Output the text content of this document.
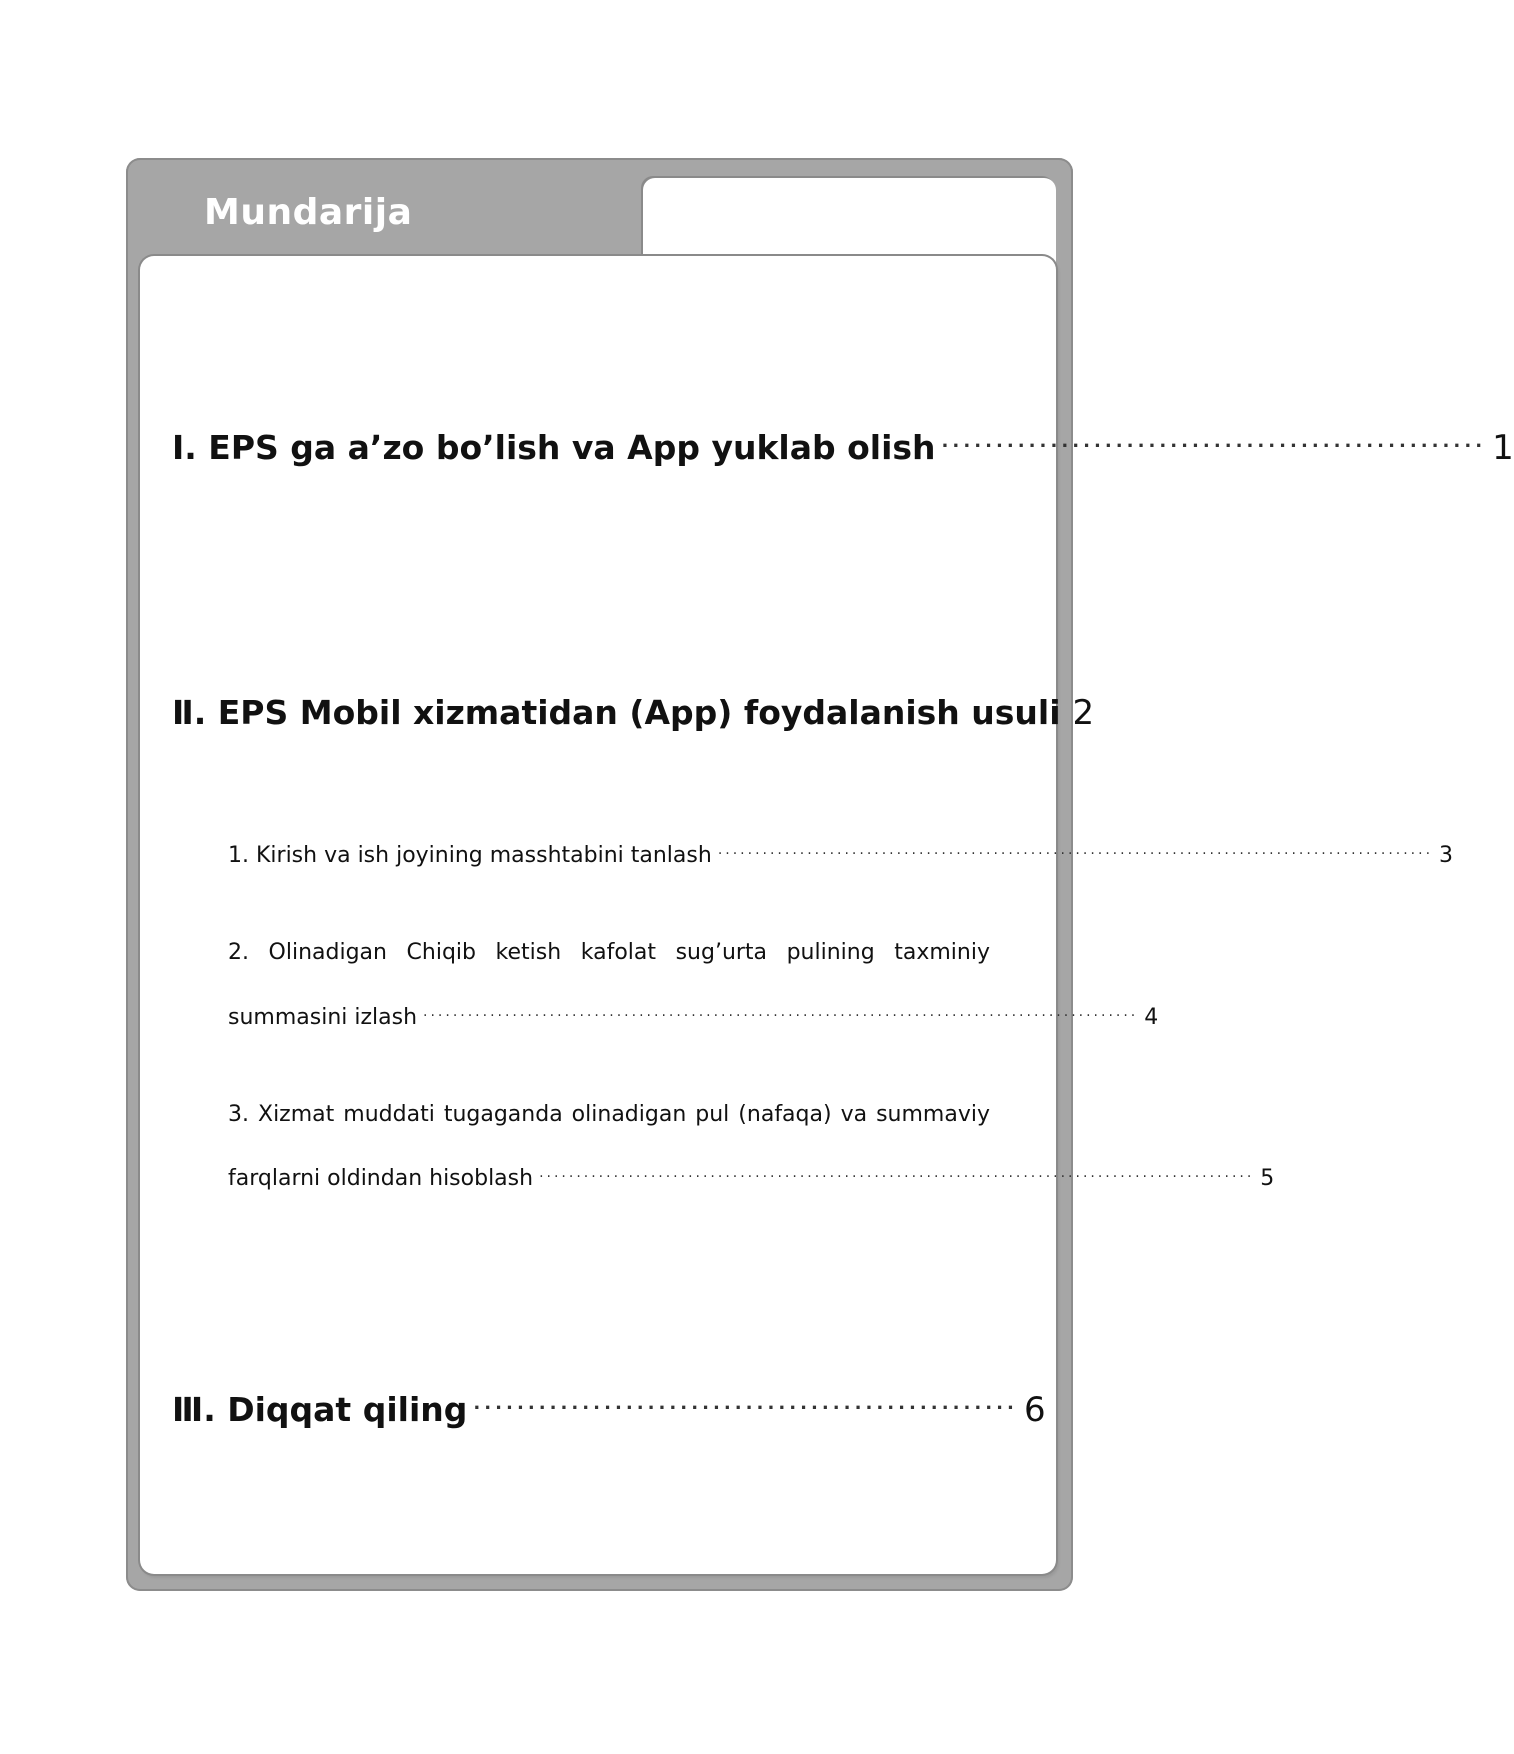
Mundarija
Ⅰ. EPS ga a’zo bo’lish va App yuklab olish ·················································· 1
Ⅱ. EPS Mobil xizmatidan (App) foydalanish usuli 2
1. Kirish va ish joyining masshtabini tanlash ································································································ 3
2. Olinadigan Chiqib ketish kafolat sug’urta pulining taxminiy
summasini izlash ································································································ 4
3. Xizmat muddati tugaganda olinadigan pul (nafaqa) va summaviy
farqlarni oldindan hisoblash ································································································ 5
Ⅲ. Diqqat qiling ·················································· 6
